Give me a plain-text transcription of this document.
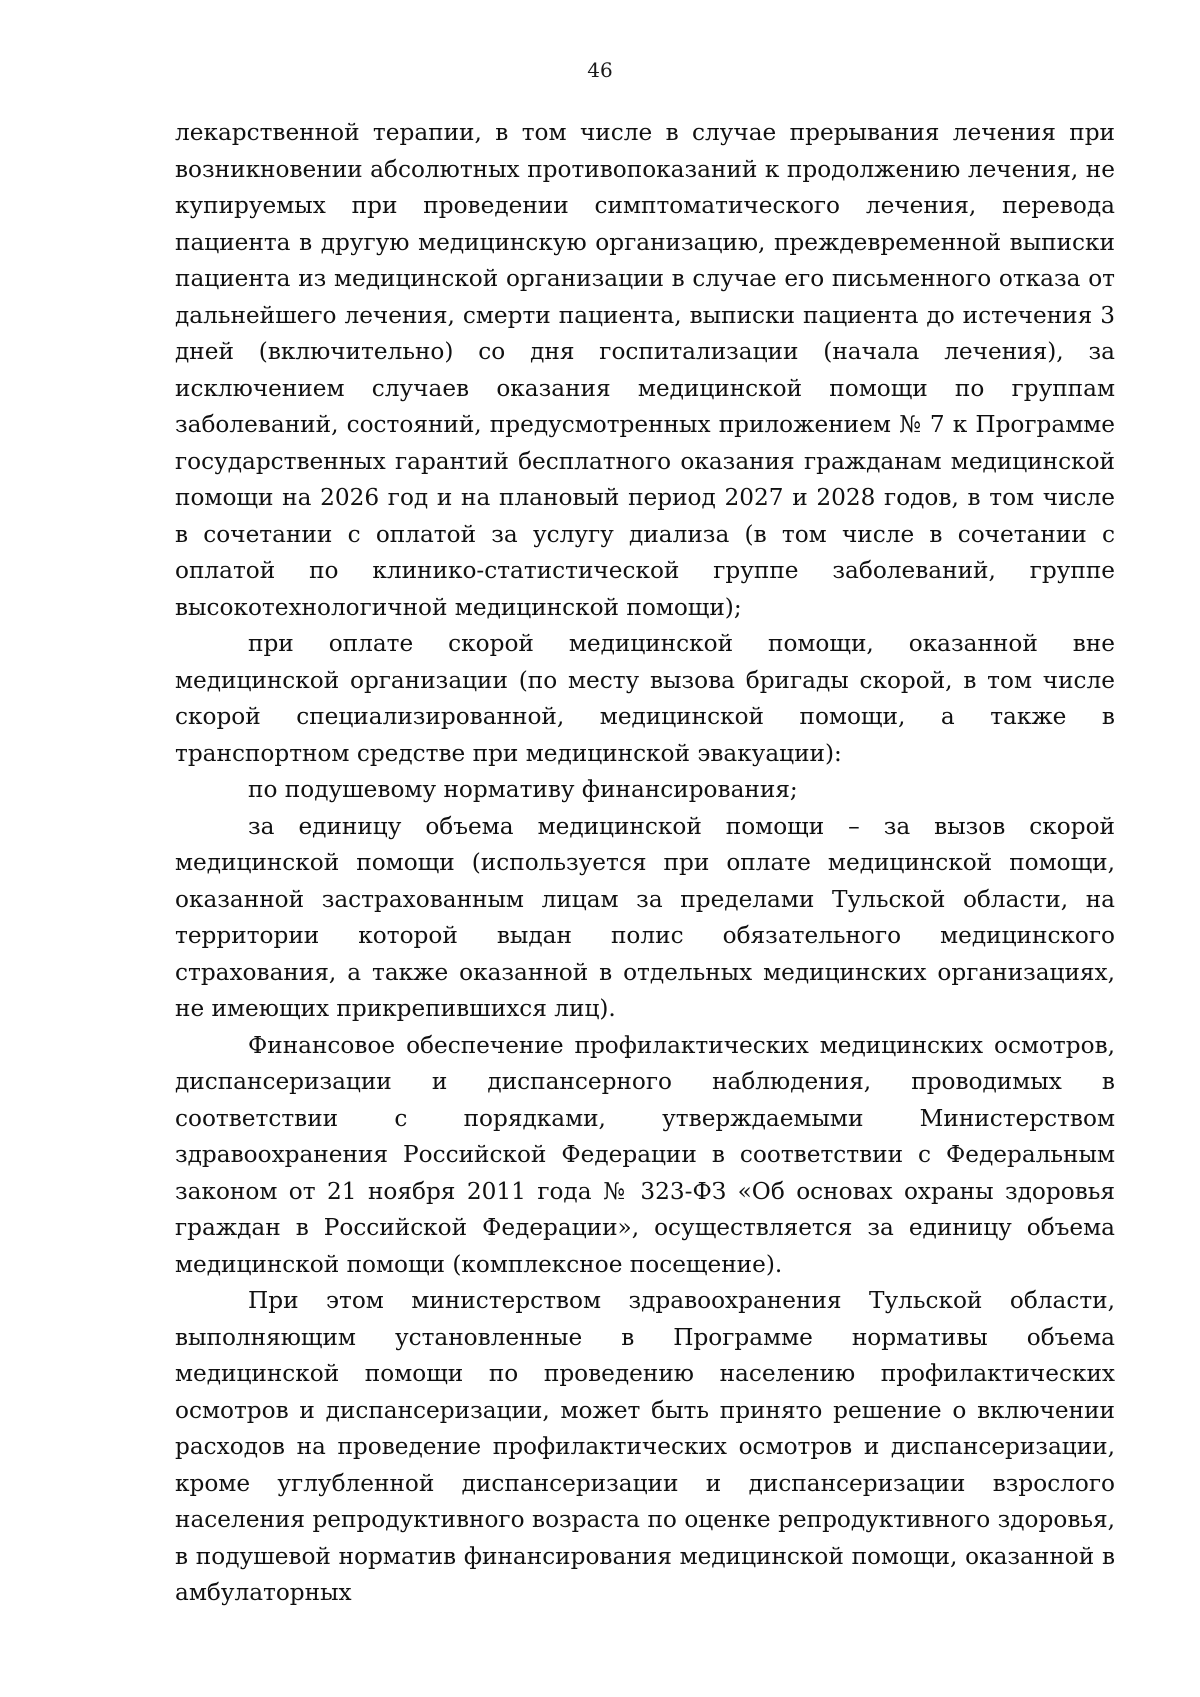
46

лекарственной терапии, в том числе в случае прерывания лечения при возникновении абсолютных противопоказаний к продолжению лечения, не купируемых при проведении симптоматического лечения, перевода пациента в другую медицинскую организацию, преждевременной выписки пациента из медицинской организации в случае его письменного отказа от дальнейшего лечения, смерти пациента, выписки пациента до истечения 3 дней (включительно) со дня госпитализации (начала лечения), за исключением случаев оказания медицинской помощи по группам заболеваний, состояний, предусмотренных приложением № 7 к Программе государственных гарантий бесплатного оказания гражданам медицинской помощи на 2026 год и на плановый период 2027 и 2028 годов, в том числе в сочетании с оплатой за услугу диализа (в том числе в сочетании с оплатой по клинико-статистической группе заболеваний, группе высокотехнологичной медицинской помощи);

при оплате скорой медицинской помощи, оказанной вне медицинской организации (по месту вызова бригады скорой, в том числе скорой специализированной, медицинской помощи, а также в транспортном средстве при медицинской эвакуации):

по подушевому нормативу финансирования;

за единицу объема медицинской помощи – за вызов скорой медицинской помощи (используется при оплате медицинской помощи, оказанной застрахованным лицам за пределами Тульской области, на территории которой выдан полис обязательного медицинского страхования, а также оказанной в отдельных медицинских организациях, не имеющих прикрепившихся лиц).

Финансовое обеспечение профилактических медицинских осмотров, диспансеризации и диспансерного наблюдения, проводимых в соответствии с порядками, утверждаемыми Министерством здравоохранения Российской Федерации в соответствии с Федеральным законом от 21 ноября 2011 года № 323-ФЗ «Об основах охраны здоровья граждан в Российской Федерации», осуществляется за единицу объема медицинской помощи (комплексное посещение).

При этом министерством здравоохранения Тульской области, выполняющим установленные в Программе нормативы объема медицинской помощи по проведению населению профилактических осмотров и диспансеризации, может быть принято решение о включении расходов на проведение профилактических осмотров и диспансеризации, кроме углубленной диспансеризации и диспансеризации взрослого населения репродуктивного возраста по оценке репродуктивного здоровья, в подушевой норматив финансирования медицинской помощи, оказанной в амбулаторных
